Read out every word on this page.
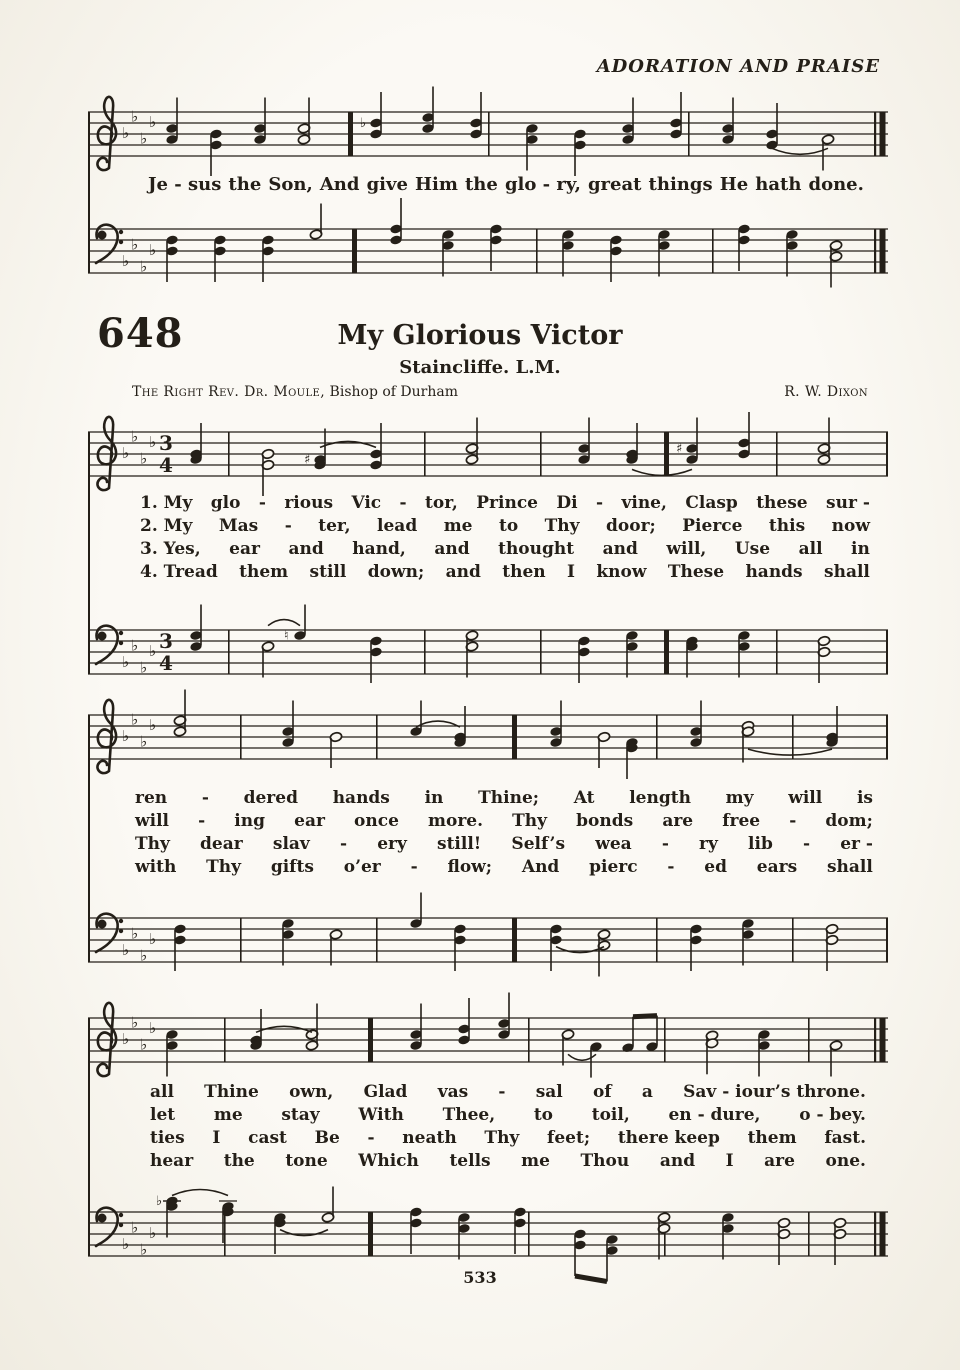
ADORATION AND PRAISE
♭
♭
♭
♭	♭
Je - sus the Son, And give Him the glo - ry, great things He hath done.
♭
♭
♭
♭
648	My Glorious Victor
Staincliffe. L.M.
The Right Rev. Dr. Moule, Bishop of Durham	R. W. Dixon
♭
♭
♭
♭ 3
4	♯
♯
1. My glo - rious Vic - tor, Prince Di - vine, Clasp these sur -
2. My Mas - ter, lead me to Thy door; Pierce this now
3. Yes, ear and hand, and thought and will, Use all in
4. Tread them still down; and then I know These hands shall
♭
♭
♭
♭ 3
4
♮
♭
♭
♭
♭
ren - dered hands in Thine; At length my will is
will - ing ear once more. Thy bonds are free - dom;
Thy dear slav - ery still! Self’s wea - ry lib - er -
with Thy gifts o’er - flow; And pierc - ed ears shall
♭
♭
♭
♭
♭
♭
♭
♭
all Thine own, Glad vas - sal of a Sav - iour’s throne.
let me stay With Thee, to toil, en - dure, o - bey.
ties I cast Be - neath Thy feet; there keep them fast.
hear the tone Which tells me Thou and I are one.
♭
♭
♭
♭
♭
533
